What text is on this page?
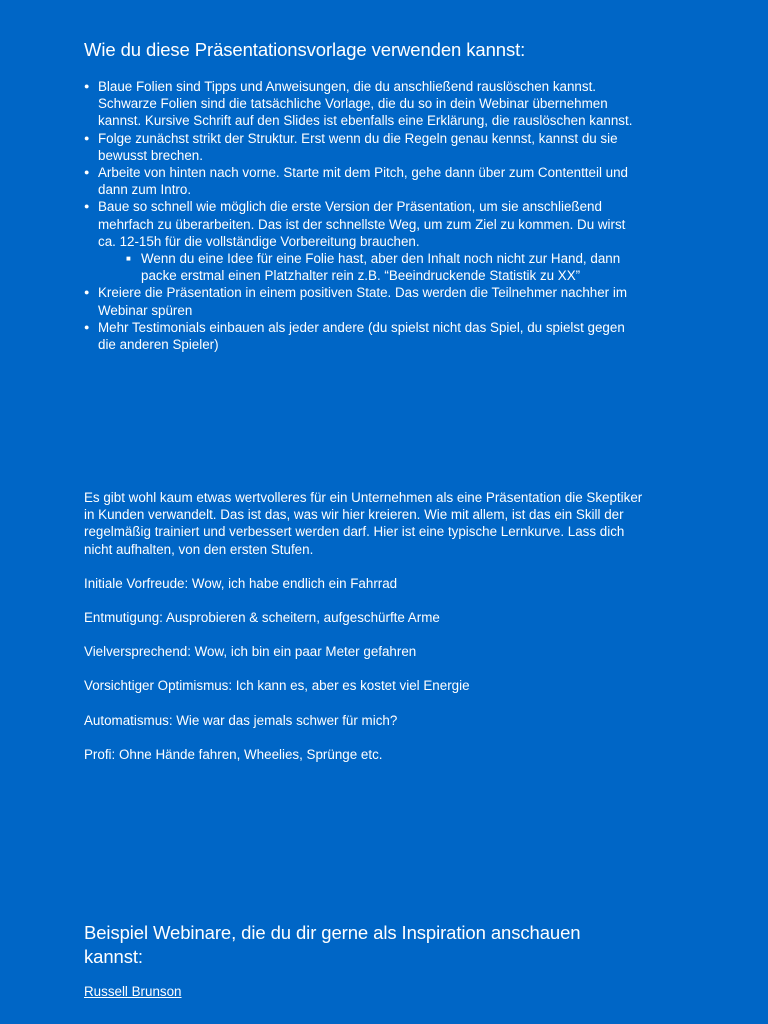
Wie du diese Präsentationsvorlage verwenden kannst:
● Blaue Folien sind Tipps und Anweisungen, die du anschließend rauslöschen kannst. Schwarze Folien sind die tatsächliche Vorlage, die du so in dein Webinar übernehmen kannst. Kursive Schrift auf den Slides ist ebenfalls eine Erklärung, die rauslöschen kannst.
● Folge zunächst strikt der Struktur. Erst wenn du die Regeln genau kennst, kannst du sie bewusst brechen.
● Arbeite von hinten nach vorne. Starte mit dem Pitch, gehe dann über zum Contentteil und dann zum Intro.
● Baue so schnell wie möglich die erste Version der Präsentation, um sie anschließend mehrfach zu überarbeiten. Das ist der schnellste Weg, um zum Ziel zu kommen. Du wirst ca. 12-15h für die vollständige Vorbereitung brauchen.
■ Wenn du eine Idee für eine Folie hast, aber den Inhalt noch nicht zur Hand, dann packe erstmal einen Platzhalter rein z.B. “Beeindruckende Statistik zu XX”
● Kreiere die Präsentation in einem positiven State. Das werden die Teilnehmer nachher im Webinar spüren
● Mehr Testimonials einbauen als jeder andere (du spielst nicht das Spiel, du spielst gegen die anderen Spieler)

Es gibt wohl kaum etwas wertvolleres für ein Unternehmen als eine Präsentation die Skeptiker in Kunden verwandelt. Das ist das, was wir hier kreieren. Wie mit allem, ist das ein Skill der regelmäßig trainiert und verbessert werden darf. Hier ist eine typische Lernkurve. Lass dich nicht aufhalten, von den ersten Stufen.

Initiale Vorfreude: Wow, ich habe endlich ein Fahrrad

Entmutigung: Ausprobieren & scheitern, aufgeschürfte Arme

Vielversprechend: Wow, ich bin ein paar Meter gefahren

Vorsichtiger Optimismus: Ich kann es, aber es kostet viel Energie

Automatismus: Wie war das jemals schwer für mich?

Profi: Ohne Hände fahren, Wheelies, Sprünge etc.

Beispiel Webinare, die du dir gerne als Inspiration anschauen kannst:
Russell Brunson
